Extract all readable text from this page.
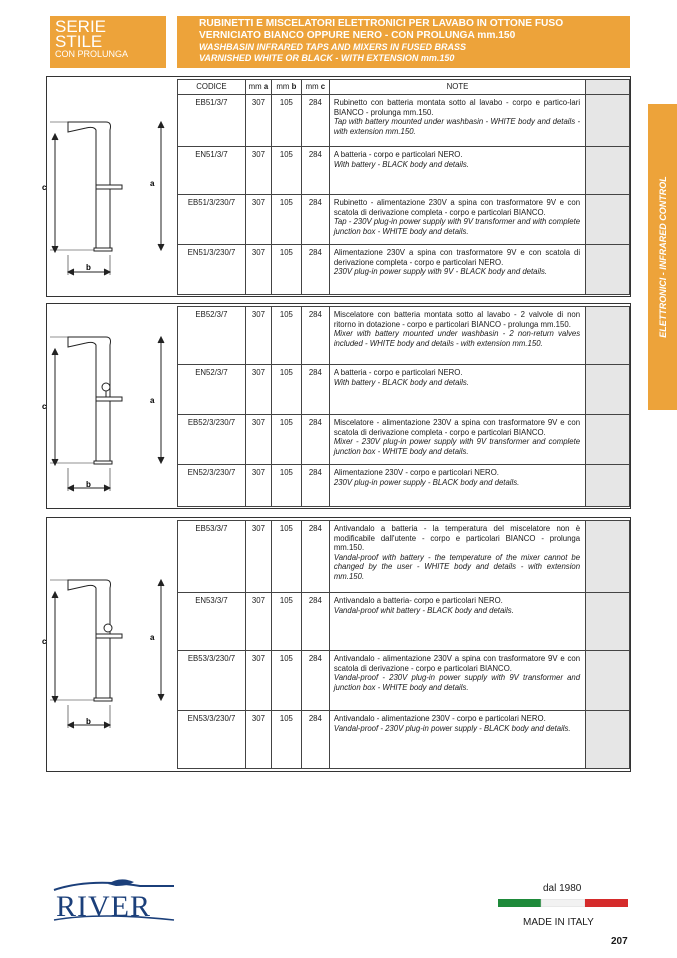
SERIE
STILE
CON PROLUNGA
RUBINETTI E MISCELATORI ELETTRONICI PER LAVABO IN OTTONE FUSO
VERNICIATO BIANCO OPPURE NERO - CON PROLUNGA mm.150
WASHBASIN INFRARED TAPS AND MIXERS IN FUSED BRASS
VARNISHED WHITE OR BLACK - WITH EXTENSION mm.150
ELETTRONICI - INFRARED CONTROL
c	a
b
c
a
b
c	a
b
CODICE	mm a	mm b	mm c	NOTE	
EB51/3/7	307	105	284	Rubinetto con batteria montata sotto al lavabo - corpo e partico-lari BIANCO - prolunga mm.150.
Tap with battery mounted under washbasin - WHITE body and details - with extension mm.150.	

EN51/3/7	307	105	284	A batteria - corpo e particolari NERO.
With battery - BLACK body and details.	

EB51/3/230/7	307	105	284	Rubinetto - alimentazione 230V a spina con trasformatore 9V e con scatola di derivazione completa - corpo e particolari BIANCO.
Tap - 230V plug-in power supply with 9V transformer and with complete junction box - WHITE body and details.	

EN51/3/230/7	307	105	284	Alimentazione 230V a spina con trasformatore 9V e con scatola di derivazione completa - corpo e particolari NERO.
230V plug-in power supply with 9V - BLACK body and details.	

EB52/3/7	307	105	284	Miscelatore con batteria montata sotto al lavabo - 2 valvole di non ritorno in dotazione - corpo e particolari BIANCO - prolunga mm.150.
Mixer with battery mounted under washbasin - 2 non-return valves included - WHITE body and details - with extension mm.150.	

EN52/3/7	307	105	284	A batteria - corpo e particolari NERO.
With battery - BLACK body and details.	

EB52/3/230/7	307	105	284	Miscelatore - alimentazione 230V a spina con trasformatore 9V e con scatola di derivazione completa - corpo e particolari BIANCO.
Mixer - 230V plug-in power supply with 9V transformer and complete junction box - WHITE body and details.	

EN52/3/230/7	307	105	284	Alimentazione 230V - corpo e particolari NERO.
230V plug-in power supply - BLACK body and details.	

EB53/3/7	307	105	284	Antivandalo a batteria - la temperatura del miscelatore non è modificabile dall'utente - corpo e particolari BIANCO - prolunga mm.150.
Vandal-proof with battery - the temperature of the mixer cannot be changed by the user - WHITE body and details - with extension mm.150.	

EN53/3/7	307	105	284	Antivandalo a batteria- corpo e particolari NERO.
Vandal-proof whit battery - BLACK body and details.	

EB53/3/230/7	307	105	284	Antivandalo - alimentazione 230V a spina con trasformatore 9V e con scatola di derivazione - corpo e particolari BIANCO.
Vandal-proof - 230V plug-in power supply with 9V transformer and junction box - WHITE body and details.	

EN53/3/230/7	307	105	284	Antivandalo - alimentazione 230V - corpo e particolari NERO.
Vandal-proof - 230V plug-in power supply - BLACK body and details.	

RIVER
dal 1980
MADE IN ITALY
207
